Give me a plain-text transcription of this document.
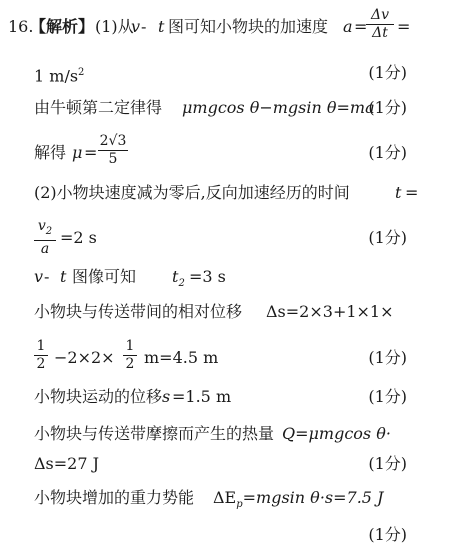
16.
【解析】 (1)从
v - t 图可知小物块的加速度 a =
Δv
Δt =
1 $m/s^2$	(1分)
由牛顿第二定律得 μmgcos θ−mgsin θ=ma
(1分)
解得 μ =
2√3
5	(1分)
(2)小物块速度减为零后,反向加速经历的时间	t =
$v_2$
a
=2 s	(1分)
v - t 图像可知 $t_2 =3$ s
小物块与传送带间的相对位移 Δs=2×3+1×1×
1
2 −2×2×
1
2 m=4.5 m	(1分)
小物块运动的位移 s =1.5 m	(1分)
小物块与传送带摩擦而产生的热量 Q=μmgcos θ·
Δs=27 J	(1分)
小物块增加的重力势能 $\Delta E_p=mgsin$ θ·s=7.5 J
(1分)
